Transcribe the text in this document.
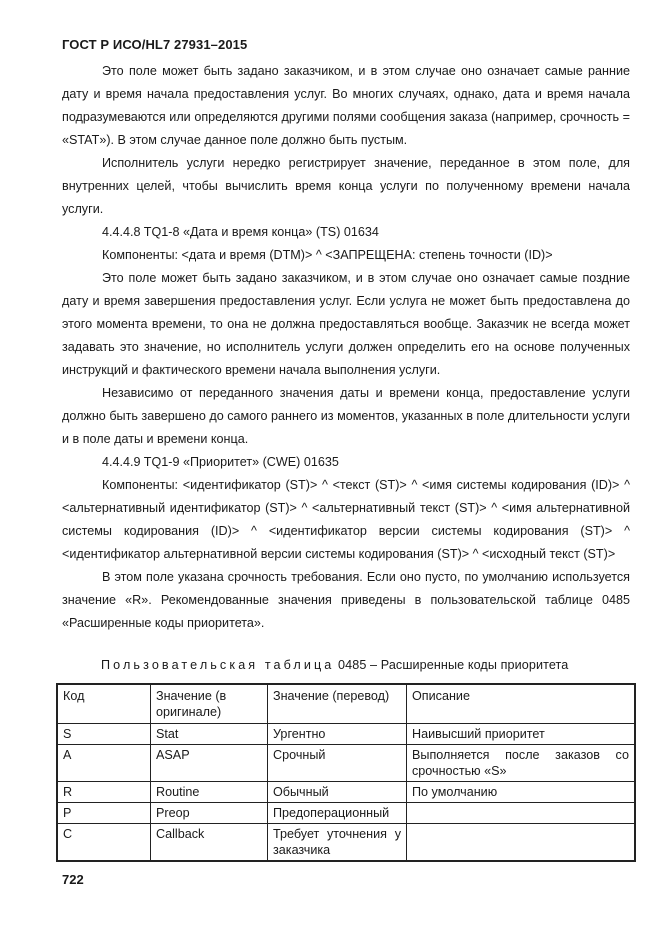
ГОСТ Р ИСО/HL7 27931–2015

Это поле может быть задано заказчиком, и в этом случае оно означает самые ранние дату и время начала предоставления услуг. Во многих случаях, однако, дата и время начала подразумеваются или определяются другими полями сообщения заказа (например, срочность = «STAT»). В этом случае данное поле должно быть пустым.

Исполнитель услуги нередко регистрирует значение, переданное в этом поле, для внутренних целей, чтобы вычислить время конца услуги по полученному времени начала услуги.

4.4.4.8 TQ1-8 «Дата и время конца» (TS) 01634

Компоненты: <дата и время (DTM)> ^ <ЗАПРЕЩЕНА: степень точности (ID)>

Это поле может быть задано заказчиком, и в этом случае оно означает самые поздние дату и время завершения предоставления услуг. Если услуга не может быть предоставлена до этого момента времени, то она не должна предоставляться вообще. Заказчик не всегда может задавать это значение, но исполнитель услуги должен определить его на основе полученных инструкций и фактического времени начала выполнения услуги.

Независимо от переданного значения даты и времени конца, предоставление услуги должно быть завершено до самого раннего из моментов, указанных в поле длительности услуги и в поле даты и времени конца.

4.4.4.9 TQ1-9 «Приоритет» (CWE) 01635

Компоненты: <идентификатор (ST)> ^ <текст (ST)> ^ <имя системы кодирования (ID)> ^ <альтернативный идентификатор (ST)> ^ <альтернативный текст (ST)> ^ <имя альтернативной системы кодирования (ID)> ^ <идентификатор версии системы кодирования (ST)> ^ <идентификатор альтернативной версии системы кодирования (ST)> ^ <исходный текст (ST)>

В этом поле указана срочность требования. Если оно пусто, по умолчанию используется значение «R». Рекомендованные значения приведены в пользовательской таблице 0485 «Расширенные коды приоритета».

Пользовательская таблица 0485 – Расширенные коды приоритета
Код	Значение (в оригинале)	Значение (перевод)	Описание
S	Stat	Ургентно	Наивысший приоритет
A	ASAP	Срочный	Выполняется после заказов со срочностью «S»
R	Routine	Обычный	По умолчанию
P	Preop	Предоперационный	
C	Callback	Требует уточнения у заказчика	
722
